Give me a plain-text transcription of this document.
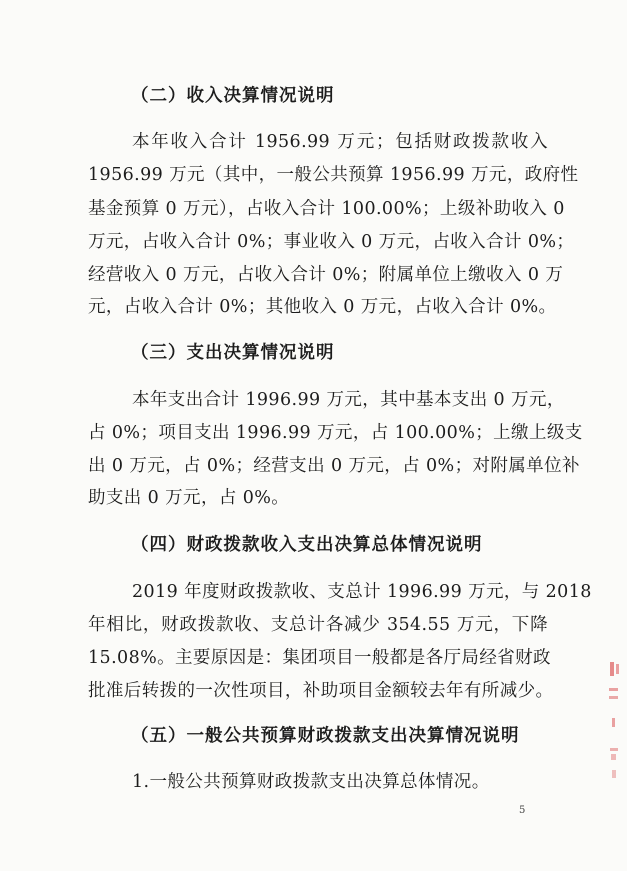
（二）收入决算情况说明
本年收入合计 1956.99 万元；包括财政拨款收入
1956.99 万元（其中，一般公共预算 1956.99 万元，政府性
基金预算 0 万元），占收入合计 100.00%；上级补助收入 0
万元，占收入合计 0%；事业收入 0 万元，占收入合计 0%；
经营收入 0 万元，占收入合计 0%；附属单位上缴收入 0 万
元，占收入合计 0%；其他收入 0 万元，占收入合计 0%。
（三）支出决算情况说明
本年支出合计 1996.99 万元，其中基本支出 0 万元，
占 0%；项目支出 1996.99 万元，占 100.00%；上缴上级支
出 0 万元，占 0%；经营支出 0 万元，占 0%；对附属单位补
助支出 0 万元，占 0%。
（四）财政拨款收入支出决算总体情况说明
2019 年度财政拨款收、支总计 1996.99 万元，与 2018
年相比，财政拨款收、支总计各减少 354.55 万元，下降
15.08%。主要原因是：集团项目一般都是各厅局经省财政
批准后转拨的一次性项目，补助项目金额较去年有所减少。
（五）一般公共预算财政拨款支出决算情况说明
1.一般公共预算财政拨款支出决算总体情况。
5
